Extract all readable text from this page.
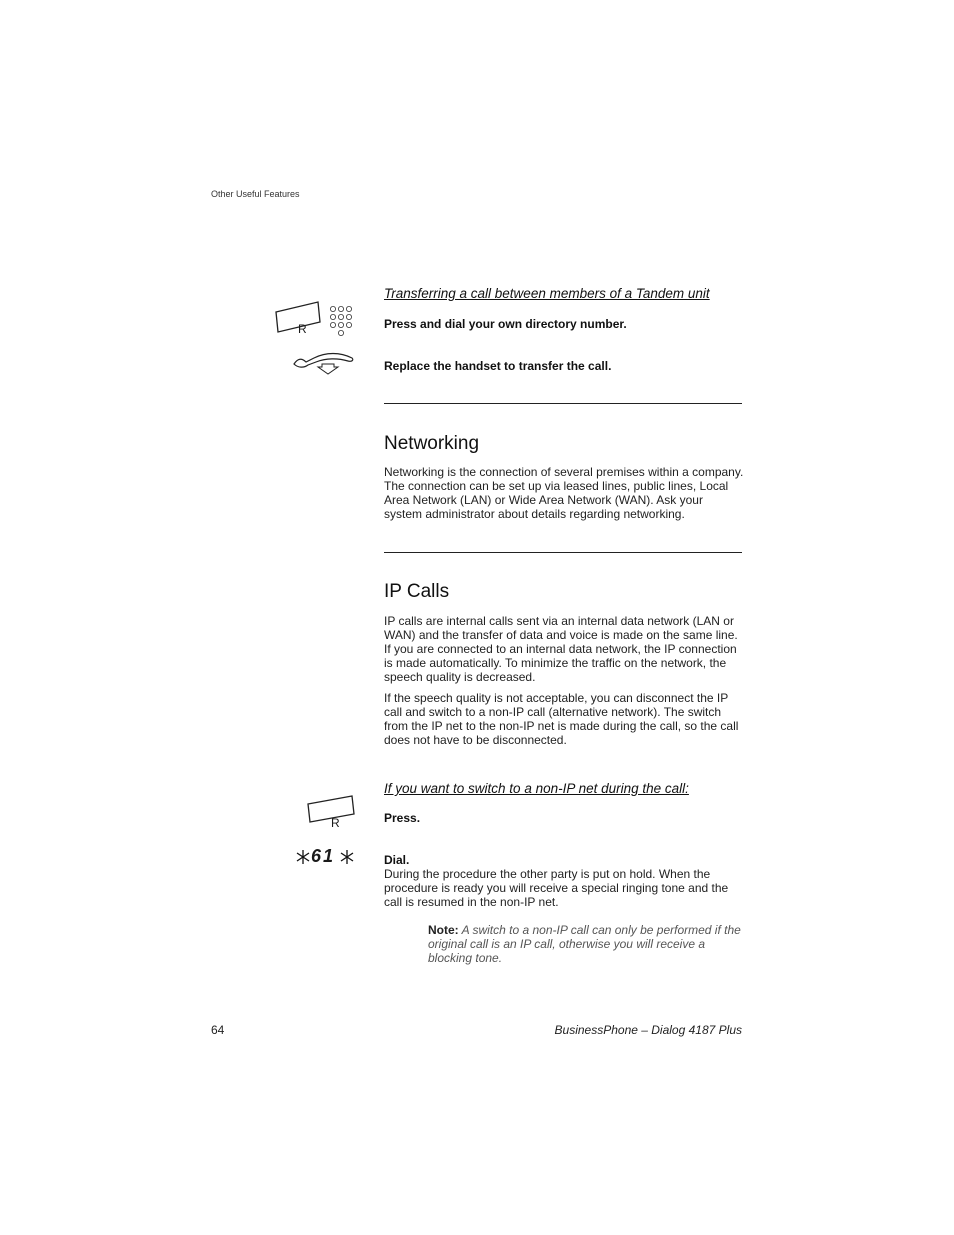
Other Useful Features
Transferring a call between members of a Tandem unit
R	Press and dial your own directory number.
Replace the handset to transfer the call.
Networking
Networking is the connection of several premises within a company. The connection can be set up via leased lines, public lines, Local Area Network (LAN) or Wide Area Network (WAN). Ask your system administrator about details regarding networking.
IP Calls
IP calls are internal calls sent via an internal data network (LAN or WAN) and the transfer of data and voice is made on the same line. If you are connected to an internal data network, the IP connection is made automatically. To minimize the traffic on the network, the speech quality is decreased.
If the speech quality is not acceptable, you can disconnect the IP call and switch to a non-IP call (alternative network). The switch from the IP net to the non-IP net is made during the call, so the call does not have to be disconnected.
If you want to switch to a non-IP net during the call:
R	Press.
61	Dial.
During the procedure the other party is put on hold. When the procedure is ready you will receive a special ringing tone and the call is resumed in the non-IP net.
Note: A switch to a non-IP call can only be performed if the original call is an IP call, otherwise you will receive a blocking tone.
64	BusinessPhone – Dialog 4187 Plus
